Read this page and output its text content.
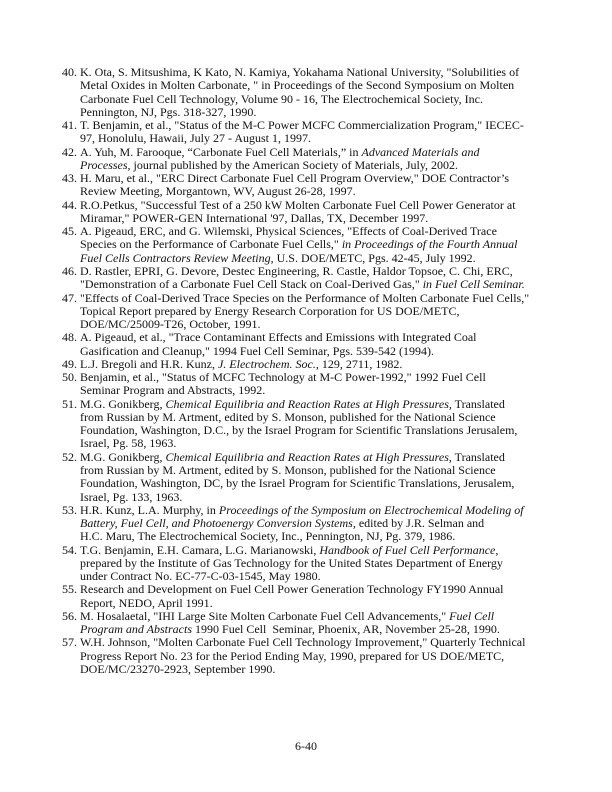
40. K. Ota, S. Mitsushima, K Kato, N. Kamiya, Yokahama National University, "Solubilities of
Metal Oxides in Molten Carbonate, " in Proceedings of the Second Symposium on Molten
Carbonate Fuel Cell Technology, Volume 90 - 16, The Electrochemical Society, Inc.
Pennington, NJ, Pgs. 318-327, 1990.
41. T. Benjamin, et al., "Status of the M-C Power MCFC Commercialization Program," IECEC-
97, Honolulu, Hawaii, July 27 - August 1, 1997.
42. A. Yuh, M. Farooque, “Carbonate Fuel Cell Materials,” in Advanced Materials and
Processes, journal published by the American Society of Materials, July, 2002.
43. H. Maru, et al., "ERC Direct Carbonate Fuel Cell Program Overview," DOE Contractor’s
Review Meeting, Morgantown, WV, August 26-28, 1997.
44. R.O.Petkus, "Successful Test of a 250 kW Molten Carbonate Fuel Cell Power Generator at
Miramar," POWER-GEN International '97, Dallas, TX, December 1997.
45. A. Pigeaud, ERC, and G. Wilemski, Physical Sciences, "Effects of Coal-Derived Trace
Species on the Performance of Carbonate Fuel Cells," in Proceedings of the Fourth Annual
Fuel Cells Contractors Review Meeting, U.S. DOE/METC, Pgs. 42-45, July 1992.
46. D. Rastler, EPRI, G. Devore, Destec Engineering, R. Castle, Haldor Topsoe, C. Chi, ERC,
"Demonstration of a Carbonate Fuel Cell Stack on Coal-Derived Gas," in Fuel Cell Seminar.
47. "Effects of Coal-Derived Trace Species on the Performance of Molten Carbonate Fuel Cells,"
Topical Report prepared by Energy Research Corporation for US DOE/METC,
DOE/MC/25009-T26, October, 1991.
48. A. Pigeaud, et al., "Trace Contaminant Effects and Emissions with Integrated Coal
Gasification and Cleanup," 1994 Fuel Cell Seminar, Pgs. 539-542 (1994).
49. L.J. Bregoli and H.R. Kunz, J. Electrochem. Soc., 129, 2711, 1982.
50. Benjamin, et al., "Status of MCFC Technology at M-C Power-1992," 1992 Fuel Cell
Seminar Program and Abstracts, 1992.
51. M.G. Gonikberg, Chemical Equilibria and Reaction Rates at High Pressures, Translated
from Russian by M. Artment, edited by S. Monson, published for the National Science
Foundation, Washington, D.C., by the Israel Program for Scientific Translations Jerusalem,
Israel, Pg. 58, 1963.
52. M.G. Gonikberg, Chemical Equilibria and Reaction Rates at High Pressures, Translated
from Russian by M. Artment, edited by S. Monson, published for the National Science
Foundation, Washington, DC, by the Israel Program for Scientific Translations, Jerusalem,
Israel, Pg. 133, 1963.
53. H.R. Kunz, L.A. Murphy, in Proceedings of the Symposium on Electrochemical Modeling of
Battery, Fuel Cell, and Photoenergy Conversion Systems, edited by J.R. Selman and
H.C. Maru, The Electrochemical Society, Inc., Pennington, NJ, Pg. 379, 1986.
54. T.G. Benjamin, E.H. Camara, L.G. Marianowski, Handbook of Fuel Cell Performance,
prepared by the Institute of Gas Technology for the United States Department of Energy
under Contract No. EC-77-C-03-1545, May 1980.
55. Research and Development on Fuel Cell Power Generation Technology FY1990 Annual
Report, NEDO, April 1991.
56. M. Hosalaetal, "IHI Large Site Molten Carbonate Fuel Cell Advancements," Fuel Cell
Program and Abstracts 1990 Fuel Cell  Seminar, Phoenix, AR, November 25-28, 1990.
57. W.H. Johnson, "Molten Carbonate Fuel Cell Technology Improvement," Quarterly Technical
Progress Report No. 23 for the Period Ending May, 1990, prepared for US DOE/METC,
DOE/MC/23270-2923, September 1990.
6-40
